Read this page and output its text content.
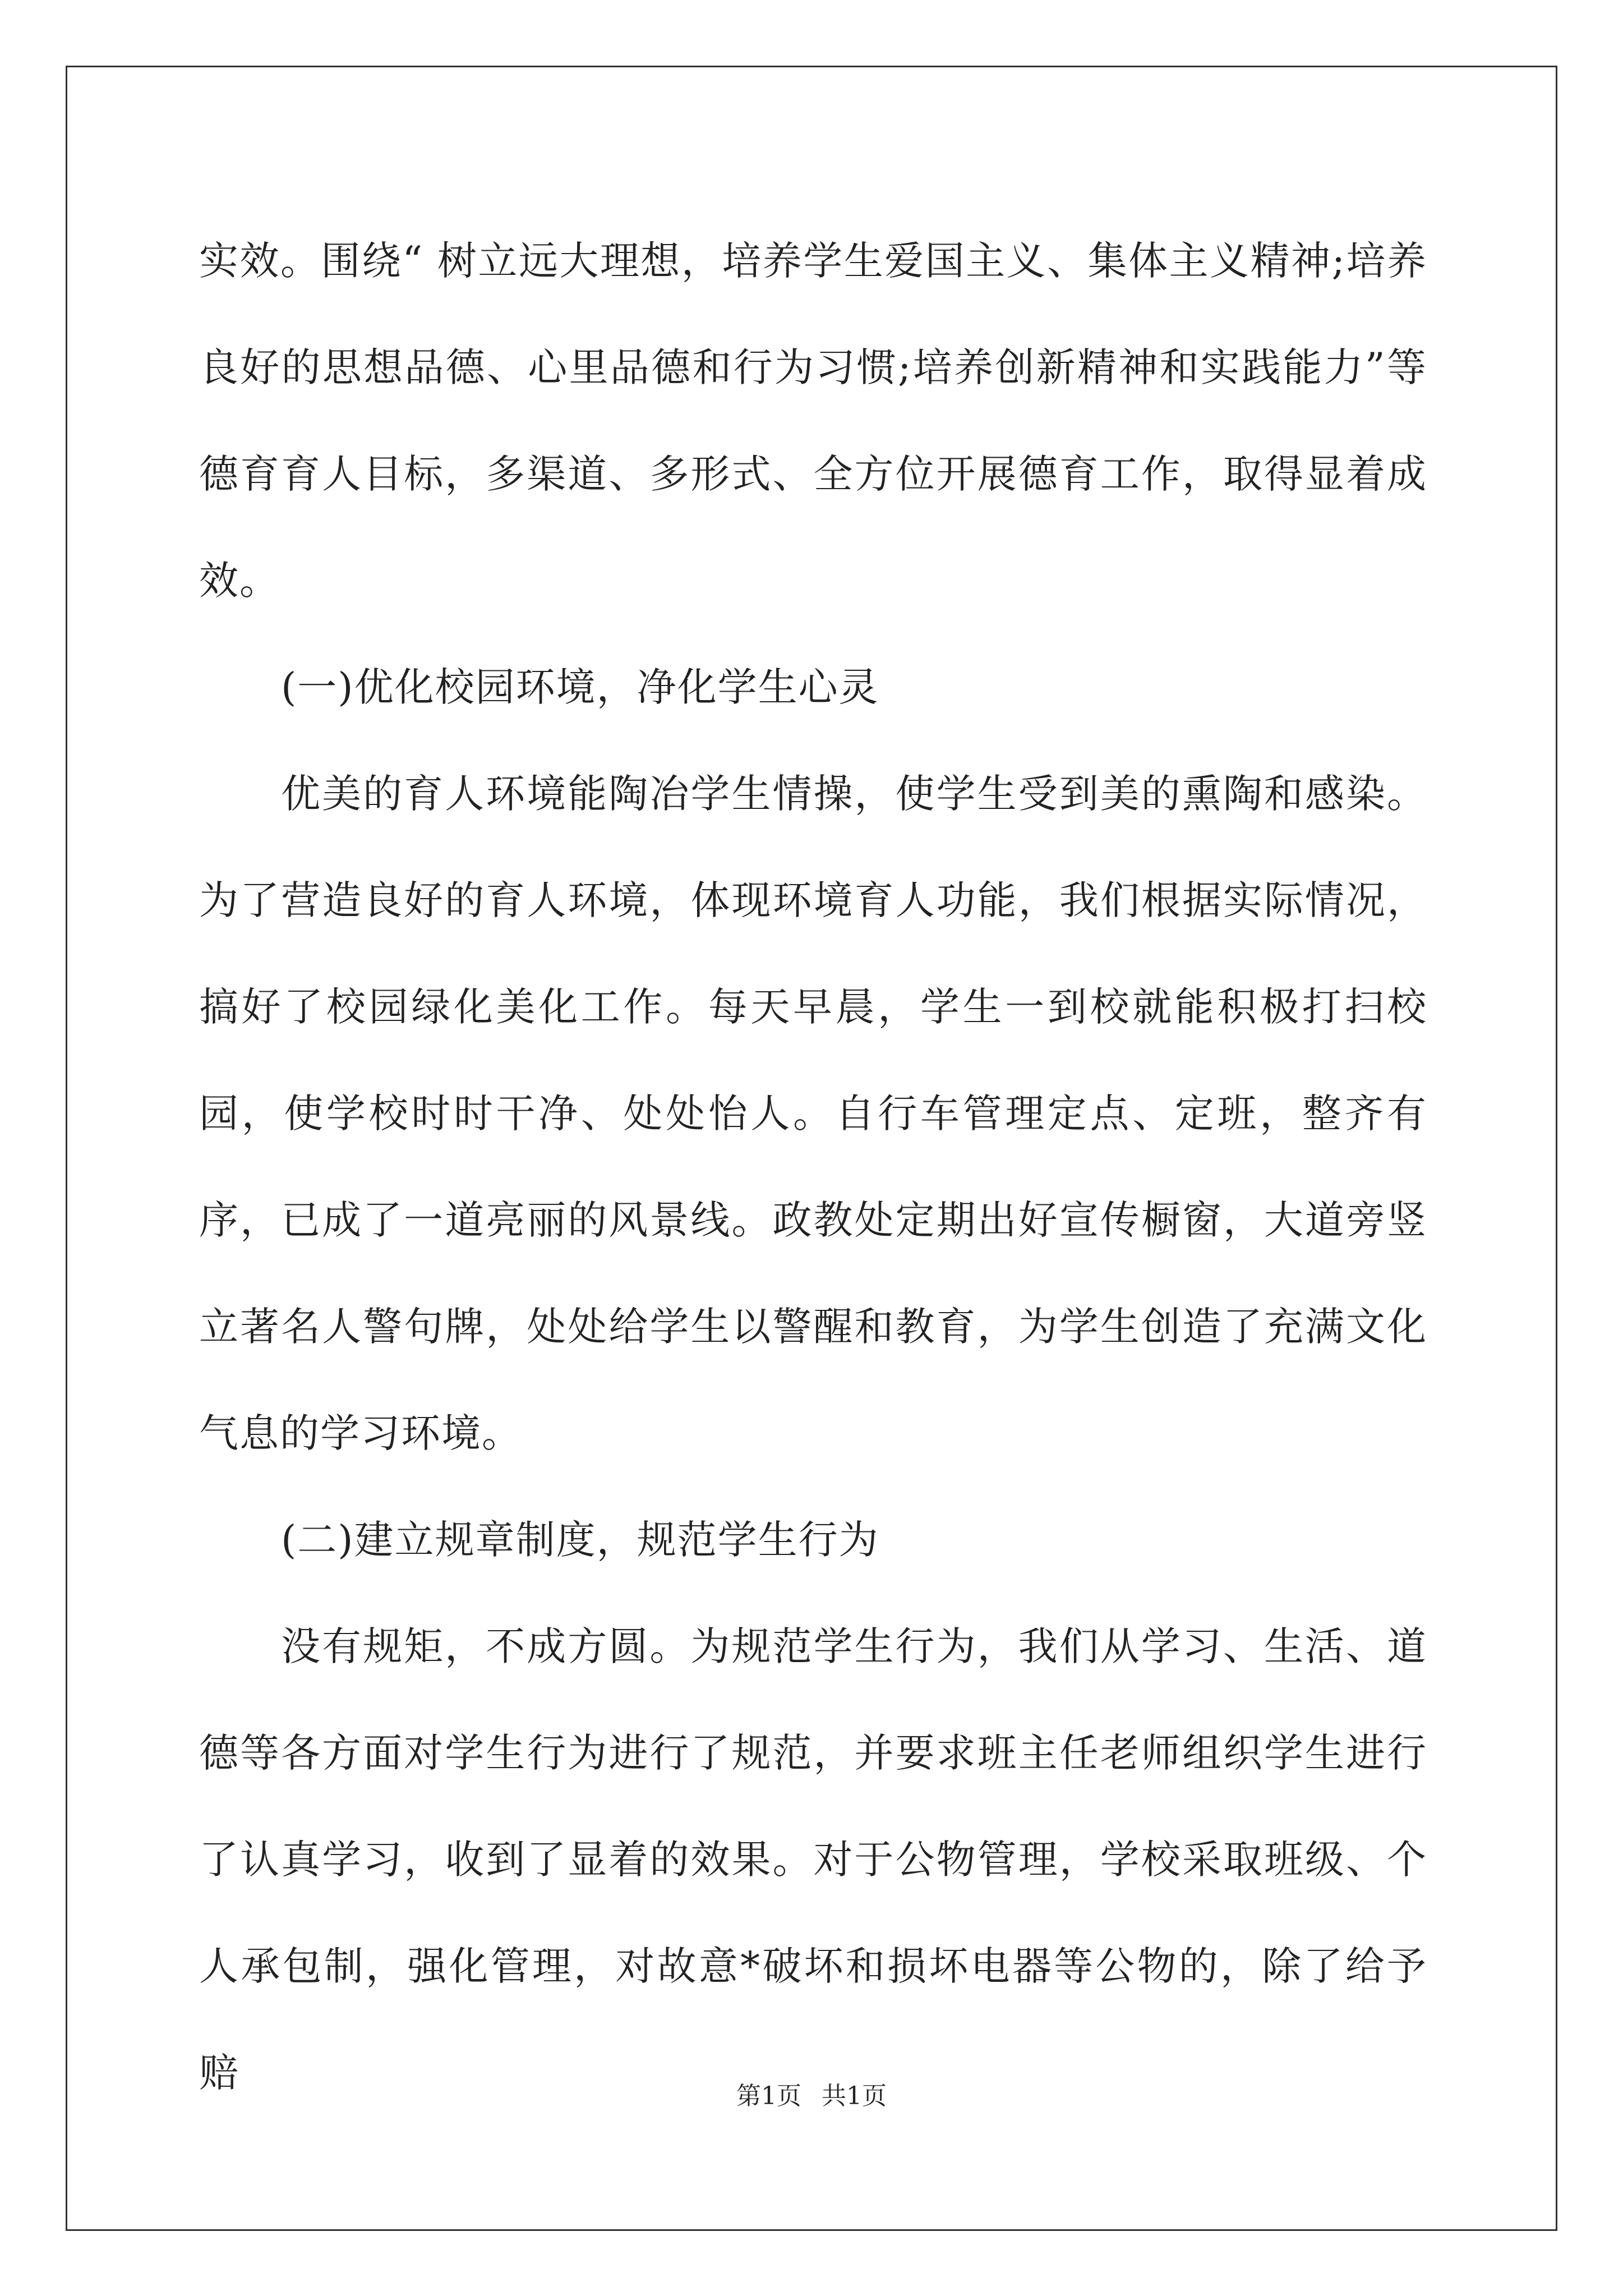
实效。围绕“ 树立远大理想，培养学生爱国主义、集体主义精神;培养良好的思想品德、心里品德和行为习惯;培养创新精神和实践能力”等德育育人目标，多渠道、多形式、全方位开展德育工作，取得显着成效。

(一)优化校园环境，净化学生心灵

优美的育人环境能陶冶学生情操，使学生受到美的熏陶和感染。为了营造良好的育人环境，体现环境育人功能，我们根据实际情况，搞好了校园绿化美化工作。每天早晨，学生一到校就能积极打扫校园，使学校时时干净、处处怡人。自行车管理定点、定班，整齐有序，已成了一道亮丽的风景线。政教处定期出好宣传橱窗，大道旁竖立著名人警句牌，处处给学生以警醒和教育，为学生创造了充满文化气息的学习环境。

(二)建立规章制度，规范学生行为

没有规矩，不成方圆。为规范学生行为，我们从学习、生活、道德等各方面对学生行为进行了规范，并要求班主任老师组织学生进行了认真学习，收到了显着的效果。对于公物管理，学校采取班级、个人承包制，强化管理，对故意*破坏和损坏电器等公物的，除了给予赔

第1页 共1页
